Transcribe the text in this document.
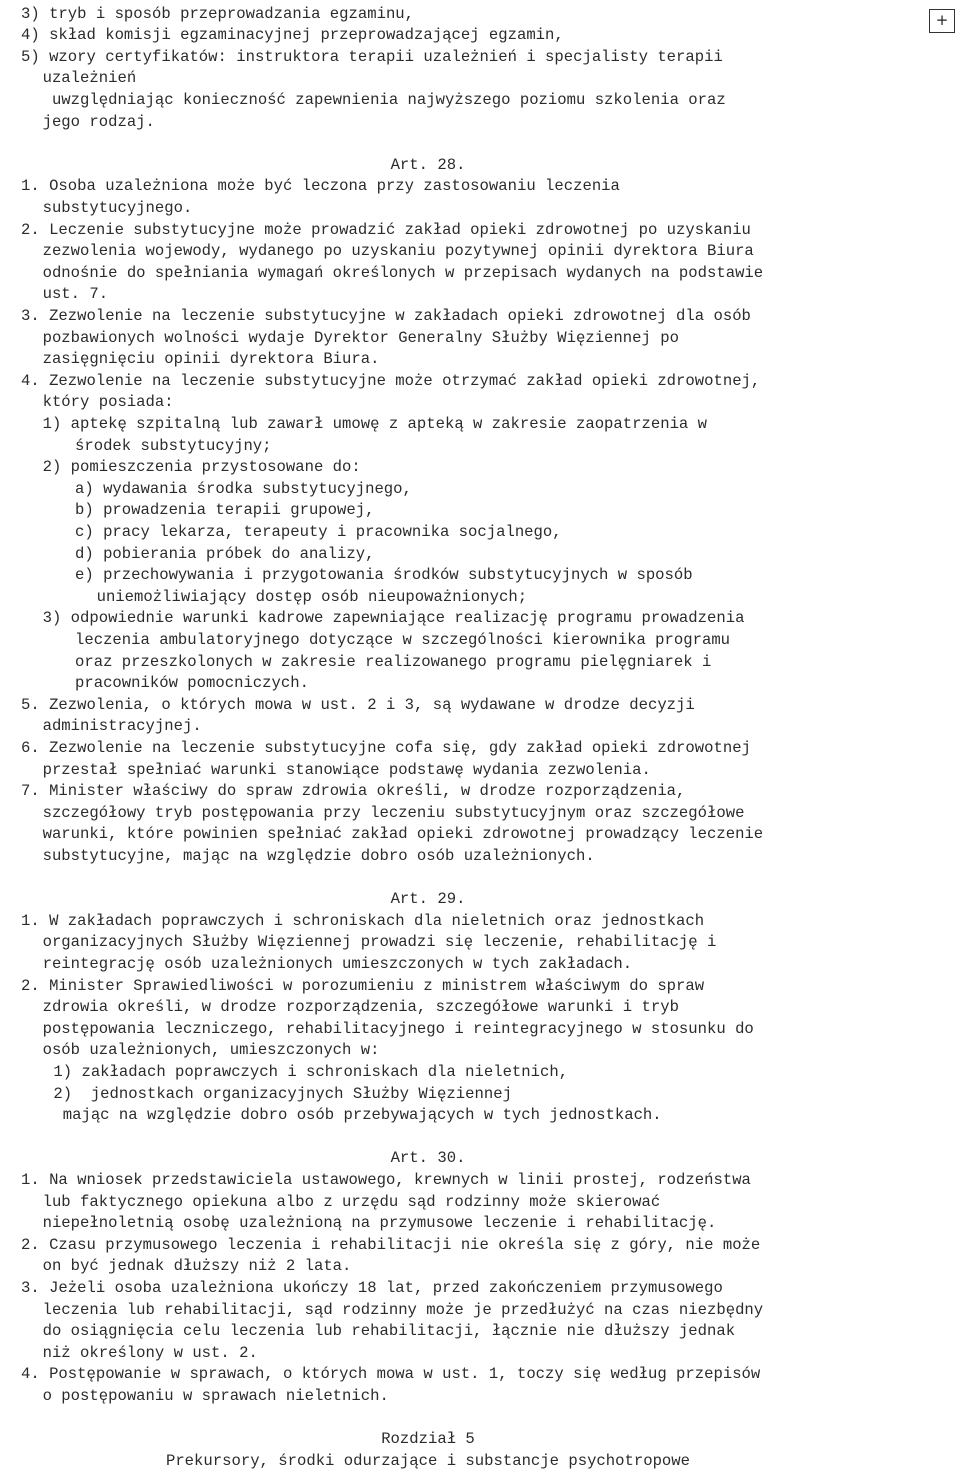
3) tryb i sposób przeprowadzania egzaminu,
4) skład komisji egzaminacyjnej przeprowadzającej egzamin,
5) wzory certyfikatów: instruktora terapii uzależnień i specjalisty terapii
uzależnień
uwzględniając konieczność zapewnienia najwyższego poziomu szkolenia oraz
jego rodzaj.
Art. 28.
1. Osoba uzależniona może być leczona przy zastosowaniu leczenia
substytucyjnego.
2. Leczenie substytucyjne może prowadzić zakład opieki zdrowotnej po uzyskaniu
zezwolenia wojewody, wydanego po uzyskaniu pozytywnej opinii dyrektora Biura
odnośnie do spełniania wymagań określonych w przepisach wydanych na podstawie
ust. 7.
3. Zezwolenie na leczenie substytucyjne w zakładach opieki zdrowotnej dla osób
pozbawionych wolności wydaje Dyrektor Generalny Służby Więziennej po
zasięgnięciu opinii dyrektora Biura.
4. Zezwolenie na leczenie substytucyjne może otrzymać zakład opieki zdrowotnej,
który posiada:
1) aptekę szpitalną lub zawarł umowę z apteką w zakresie zaopatrzenia w
środek substytucyjny;
2) pomieszczenia przystosowane do:
a) wydawania środka substytucyjnego,
b) prowadzenia terapii grupowej,
c) pracy lekarza, terapeuty i pracownika socjalnego,
d) pobierania próbek do analizy,
e) przechowywania i przygotowania środków substytucyjnych w sposób
uniemożliwiający dostęp osób nieupoważnionych;
3) odpowiednie warunki kadrowe zapewniające realizację programu prowadzenia
leczenia ambulatoryjnego dotyczące w szczególności kierownika programu
oraz przeszkolonych w zakresie realizowanego programu pielęgniarek i
pracowników pomocniczych.
5. Zezwolenia, o których mowa w ust. 2 i 3, są wydawane w drodze decyzji
administracyjnej.
6. Zezwolenie na leczenie substytucyjne cofa się, gdy zakład opieki zdrowotnej
przestał spełniać warunki stanowiące podstawę wydania zezwolenia.
7. Minister właściwy do spraw zdrowia określi, w drodze rozporządzenia,
szczegółowy tryb postępowania przy leczeniu substytucyjnym oraz szczegółowe
warunki, które powinien spełniać zakład opieki zdrowotnej prowadzący leczenie
substytucyjne, mając na względzie dobro osób uzależnionych.
Art. 29.
1. W zakładach poprawczych i schroniskach dla nieletnich oraz jednostkach
organizacyjnych Służby Więziennej prowadzi się leczenie, rehabilitację i
reintegrację osób uzależnionych umieszczonych w tych zakładach.
2. Minister Sprawiedliwości w porozumieniu z ministrem właściwym do spraw
zdrowia określi, w drodze rozporządzenia, szczegółowe warunki i tryb
postępowania leczniczego, rehabilitacyjnego i reintegracyjnego w stosunku do
osób uzależnionych, umieszczonych w:
1) zakładach poprawczych i schroniskach dla nieletnich,
2)  jednostkach organizacyjnych Służby Więziennej
mając na względzie dobro osób przebywających w tych jednostkach.
Art. 30.
1. Na wniosek przedstawiciela ustawowego, krewnych w linii prostej, rodzeństwa
lub faktycznego opiekuna albo z urzędu sąd rodzinny może skierować
niepełnoletnią osobę uzależnioną na przymusowe leczenie i rehabilitację.
2. Czasu przymusowego leczenia i rehabilitacji nie określa się z góry, nie może
on być jednak dłuższy niż 2 lata.
3. Jeżeli osoba uzależniona ukończy 18 lat, przed zakończeniem przymusowego
leczenia lub rehabilitacji, sąd rodzinny może je przedłużyć na czas niezbędny
do osiągnięcia celu leczenia lub rehabilitacji, łącznie nie dłuższy jednak
niż określony w ust. 2.
4. Postępowanie w sprawach, o których mowa w ust. 1, toczy się według przepisów
o postępowaniu w sprawach nieletnich.
Rozdział 5
Prekursory, środki odurzające i substancje psychotropowe
+
